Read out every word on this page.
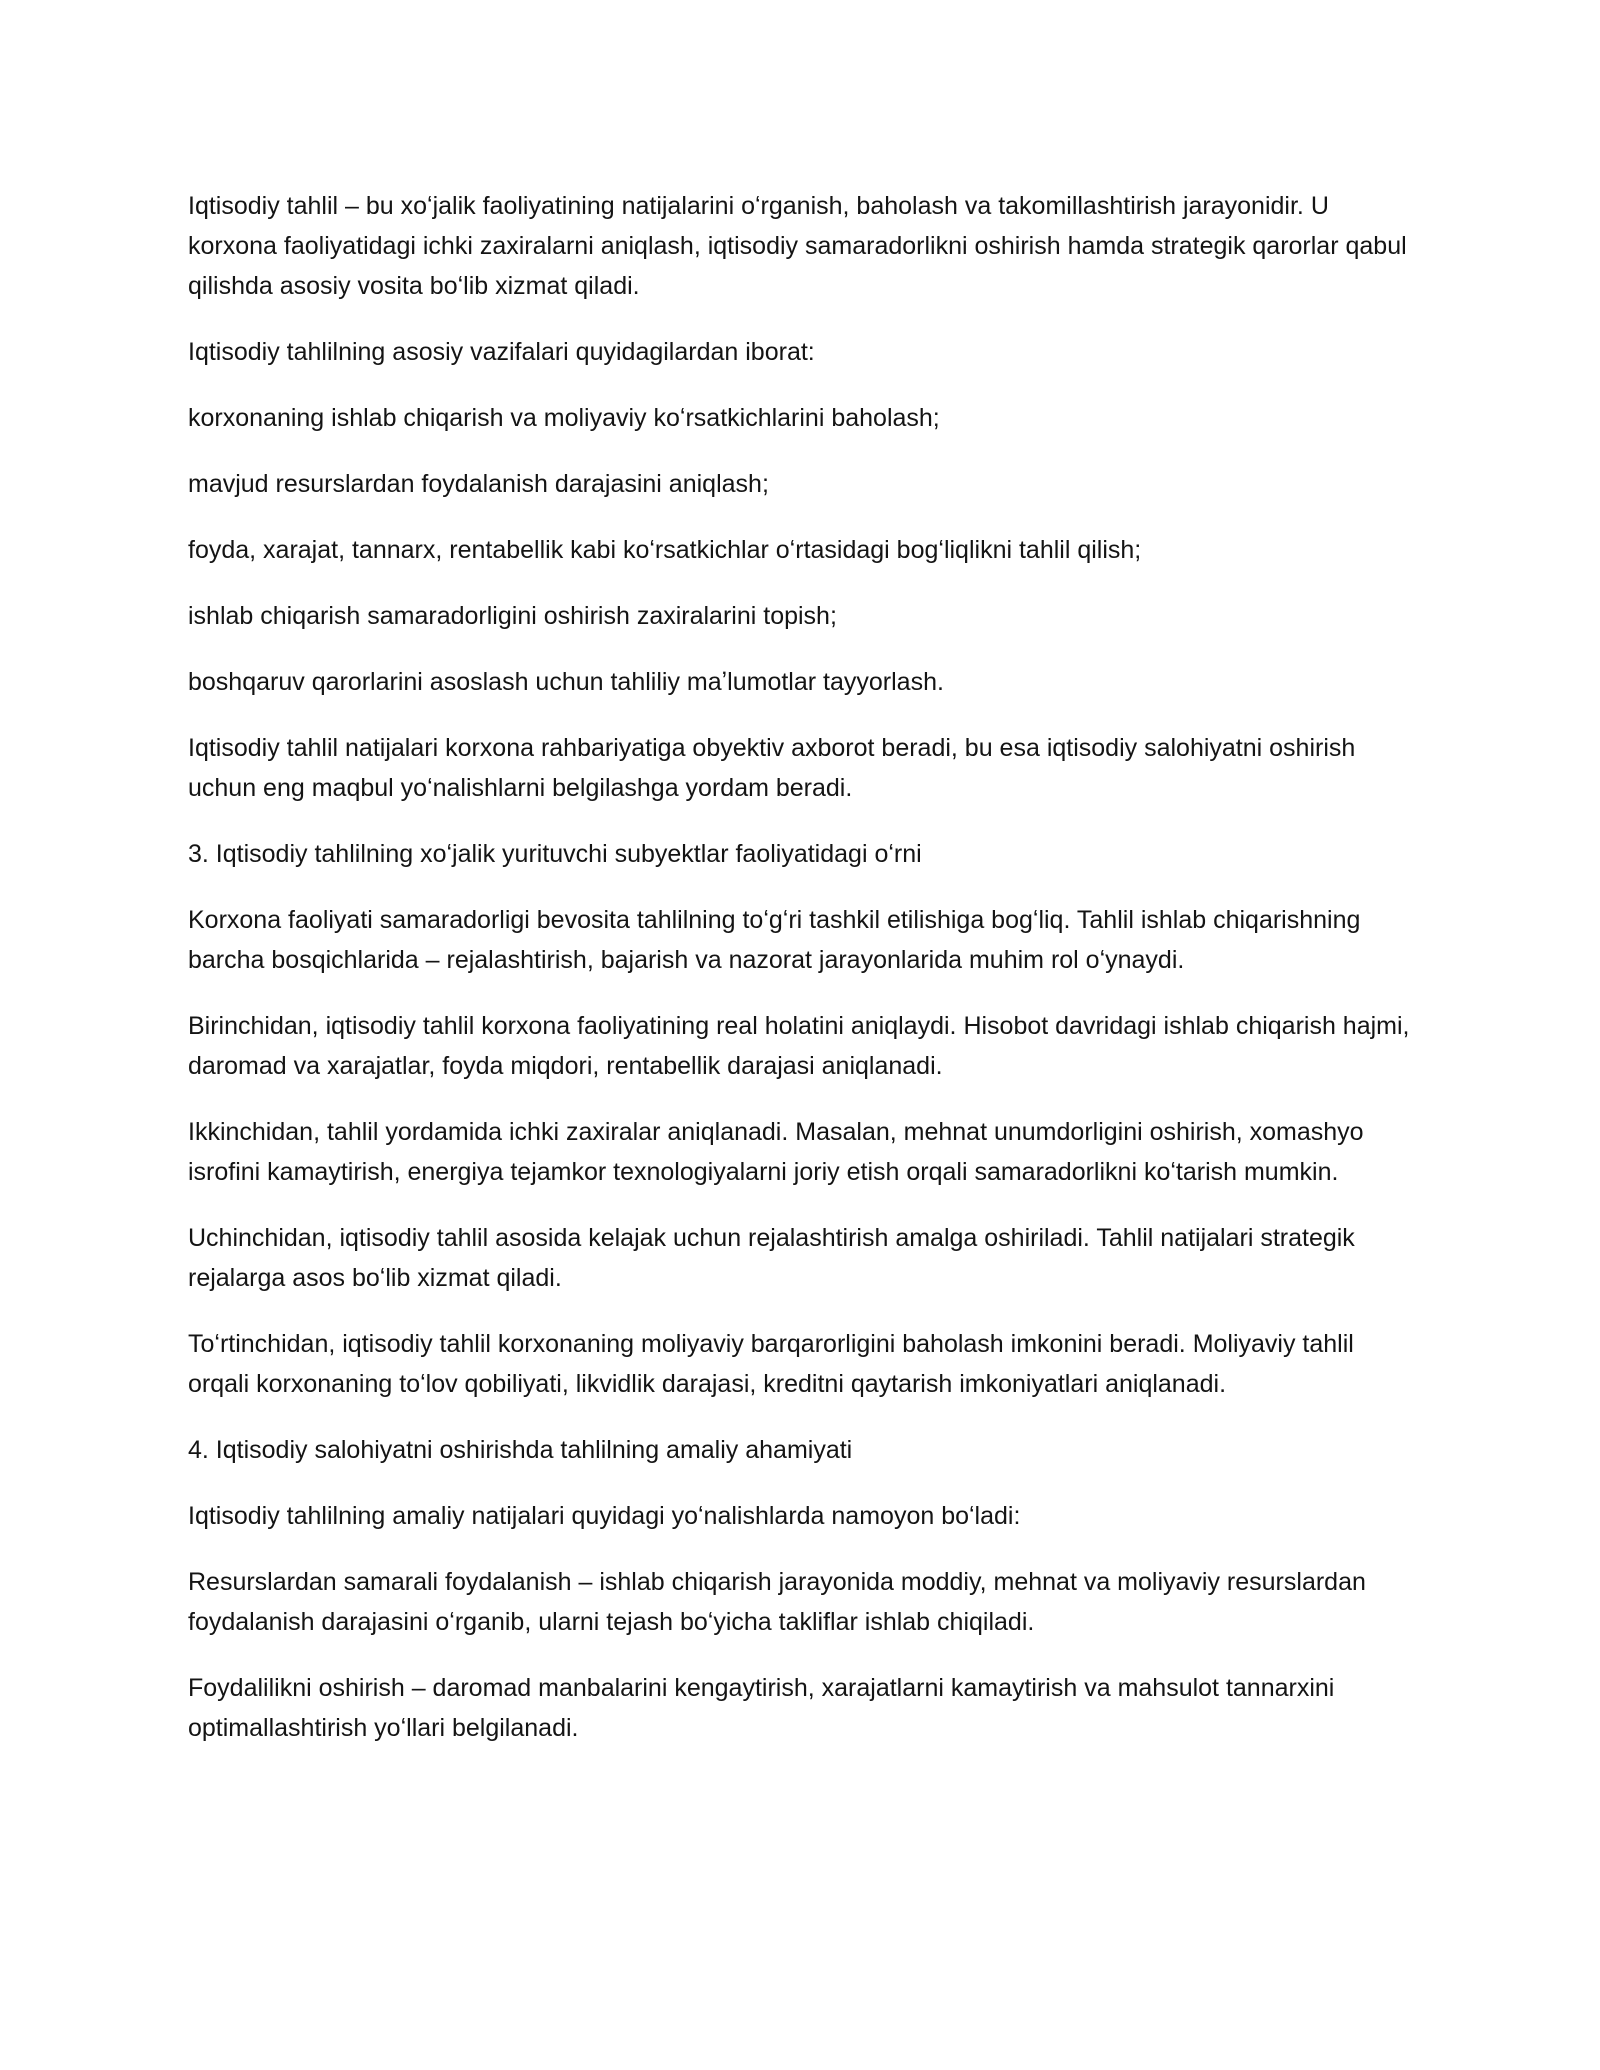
Iqtisodiy tahlil – bu xoʻjalik faoliyatining natijalarini oʻrganish, baholash va takomillashtirish jarayonidir. U korxona faoliyatidagi ichki zaxiralarni aniqlash, iqtisodiy samaradorlikni oshirish hamda strategik qarorlar qabul qilishda asosiy vosita boʻlib xizmat qiladi.

Iqtisodiy tahlilning asosiy vazifalari quyidagilardan iborat:

korxonaning ishlab chiqarish va moliyaviy koʻrsatkichlarini baholash;

mavjud resurslardan foydalanish darajasini aniqlash;

foyda, xarajat, tannarx, rentabellik kabi koʻrsatkichlar oʻrtasidagi bogʻliqlikni tahlil qilish;

ishlab chiqarish samaradorligini oshirish zaxiralarini topish;

boshqaruv qarorlarini asoslash uchun tahliliy maʼlumotlar tayyorlash.

Iqtisodiy tahlil natijalari korxona rahbariyatiga obyektiv axborot beradi, bu esa iqtisodiy salohiyatni oshirish uchun eng maqbul yoʻnalishlarni belgilashga yordam beradi.

3. Iqtisodiy tahlilning xoʻjalik yurituvchi subyektlar faoliyatidagi oʻrni

Korxona faoliyati samaradorligi bevosita tahlilning toʻgʻri tashkil etilishiga bogʻliq. Tahlil ishlab chiqarishning barcha bosqichlarida – rejalashtirish, bajarish va nazorat jarayonlarida muhim rol oʻynaydi.

Birinchidan, iqtisodiy tahlil korxona faoliyatining real holatini aniqlaydi. Hisobot davridagi ishlab chiqarish hajmi, daromad va xarajatlar, foyda miqdori, rentabellik darajasi aniqlanadi.

Ikkinchidan, tahlil yordamida ichki zaxiralar aniqlanadi. Masalan, mehnat unumdorligini oshirish, xomashyo isrofini kamaytirish, energiya tejamkor texnologiyalarni joriy etish orqali samaradorlikni koʻtarish mumkin.

Uchinchidan, iqtisodiy tahlil asosida kelajak uchun rejalashtirish amalga oshiriladi. Tahlil natijalari strategik rejalarga asos boʻlib xizmat qiladi.

Toʻrtinchidan, iqtisodiy tahlil korxonaning moliyaviy barqarorligini baholash imkonini beradi. Moliyaviy tahlil orqali korxonaning toʻlov qobiliyati, likvidlik darajasi, kreditni qaytarish imkoniyatlari aniqlanadi.

4. Iqtisodiy salohiyatni oshirishda tahlilning amaliy ahamiyati

Iqtisodiy tahlilning amaliy natijalari quyidagi yoʻnalishlarda namoyon boʻladi:

Resurslardan samarali foydalanish – ishlab chiqarish jarayonida moddiy, mehnat va moliyaviy resurslardan foydalanish darajasini oʻrganib, ularni tejash boʻyicha takliflar ishlab chiqiladi.

Foydalilikni oshirish – daromad manbalarini kengaytirish, xarajatlarni kamaytirish va mahsulot tannarxini optimallashtirish yoʻllari belgilanadi.
